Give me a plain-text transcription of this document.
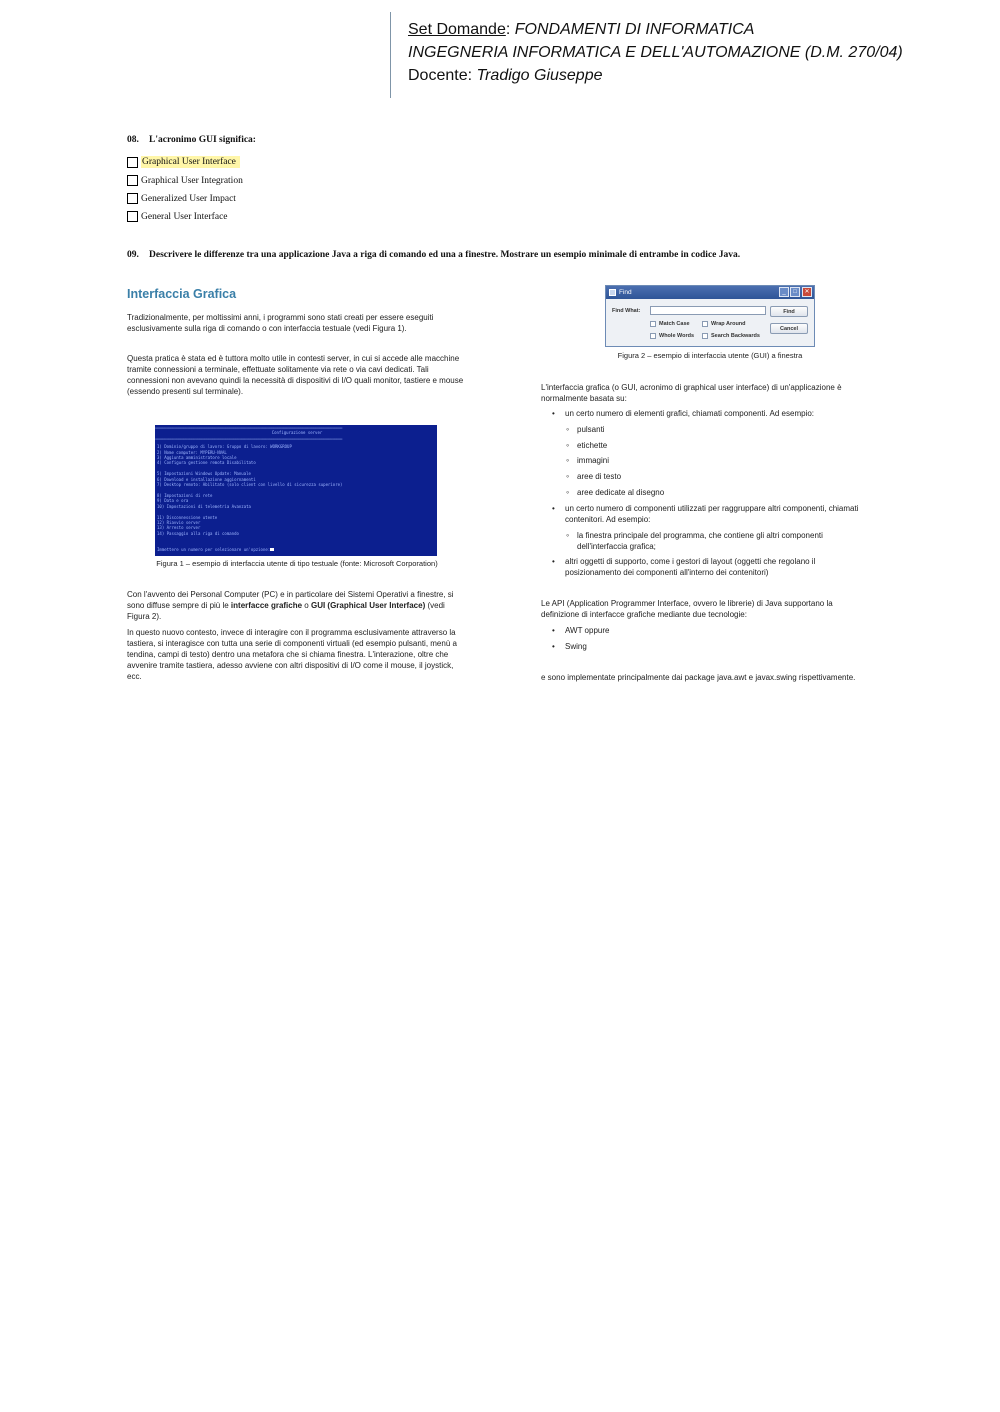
Set Domande: FONDAMENTI DI INFORMATICA
INGEGNERIA INFORMATICA E DELL'AUTOMAZIONE (D.M. 270/04)
Docente: Tradigo Giuseppe
08. L'acronimo GUI significa:
Graphical User Interface
Graphical User Integration
Generalized User Impact
General User Interface
09. Descrivere le differenze tra una applicazione Java a riga di comando ed una a finestre. Mostrare un esempio minimale di entrambe in codice Java.
Interfaccia Grafica
Tradizionalmente, per moltissimi anni, i programmi sono stati creati per essere eseguiti esclusivamente sulla riga di comando o con interfaccia testuale (vedi Figura 1).
Questa pratica è stata ed è tuttora molto utile in contesti server, in cui si accede alle macchine tramite connessioni a terminale, effettuate solitamente via rete o via cavi dedicati. Tali connessioni non avevano quindi la necessità di dispositivi di I/O quali monitor, tastiere e mouse (essendo presenti sul terminale).
==================================================================================================
Configurazione server
==================================================================================================
1) Dominio/gruppo di lavoro: Gruppo di lavoro: WORKGROUP
2) Nome computer: MYPERU-NVAL
3) Aggiunta amministratore locale
4) Configura gestione remota Disabilitato

5) Impostazioni Windows Update: Manuale
6) Download e installazione aggiornamenti
7) Desktop remoto: Abilitato (solo client con livello di sicurezza superiore)

8) Impostazioni di rete
9) Data e ora
10) Impostazioni di telemetria Avanzata

11) Disconnessione utente
12) Riavvio server
13) Arresto server
14) Passaggio alla riga di comando

Immettere un numero per selezionare un'opzione:
Figura 1 – esempio di interfaccia utente di tipo testuale (fonte: Microsoft Corporation)
Con l'avvento dei Personal Computer (PC) e in particolare dei Sistemi Operativi a finestre, si sono diffuse sempre di più le interfacce grafiche o GUI (Graphical User Interface) (vedi Figura 2).
In questo nuovo contesto, invece di interagire con il programma esclusivamente attraverso la tastiera, si interagisce con tutta una serie di componenti virtuali (ed esempio pulsanti, menù a tendina, campi di testo) dentro una metafora che si chiama finestra. L'interazione, oltre che avvenire tramite tastiera, adesso avviene con altri dispositivi di I/O come il mouse, il joystick, ecc.
Find	_	□	✕
Find What:	Find
Cancel
Match Case	Wrap Around
Whole Words	Search Backwards
Figura 2 – esempio di interfaccia utente (GUI) a finestra
L'interfaccia grafica (o GUI, acronimo di graphical user interface) di un'applicazione è normalmente basata su:
• un certo numero di elementi grafici, chiamati componenti. Ad esempio:
◦ pulsanti
◦ etichette
◦ immagini
◦ aree di testo
◦ aree dedicate al disegno
• un certo numero di componenti utilizzati per raggruppare altri componenti, chiamati contenitori. Ad esempio:
◦ la finestra principale del programma, che contiene gli altri componenti dell'interfaccia grafica;
• altri oggetti di supporto, come i gestori di layout (oggetti che regolano il posizionamento dei componenti all'interno dei contenitori)
Le API (Application Programmer Interface, ovvero le librerie) di Java supportano la definizione di interfacce grafiche mediante due tecnologie:
• AWT oppure
• Swing
e sono implementate principalmente dai package java.awt e javax.swing rispettivamente.
